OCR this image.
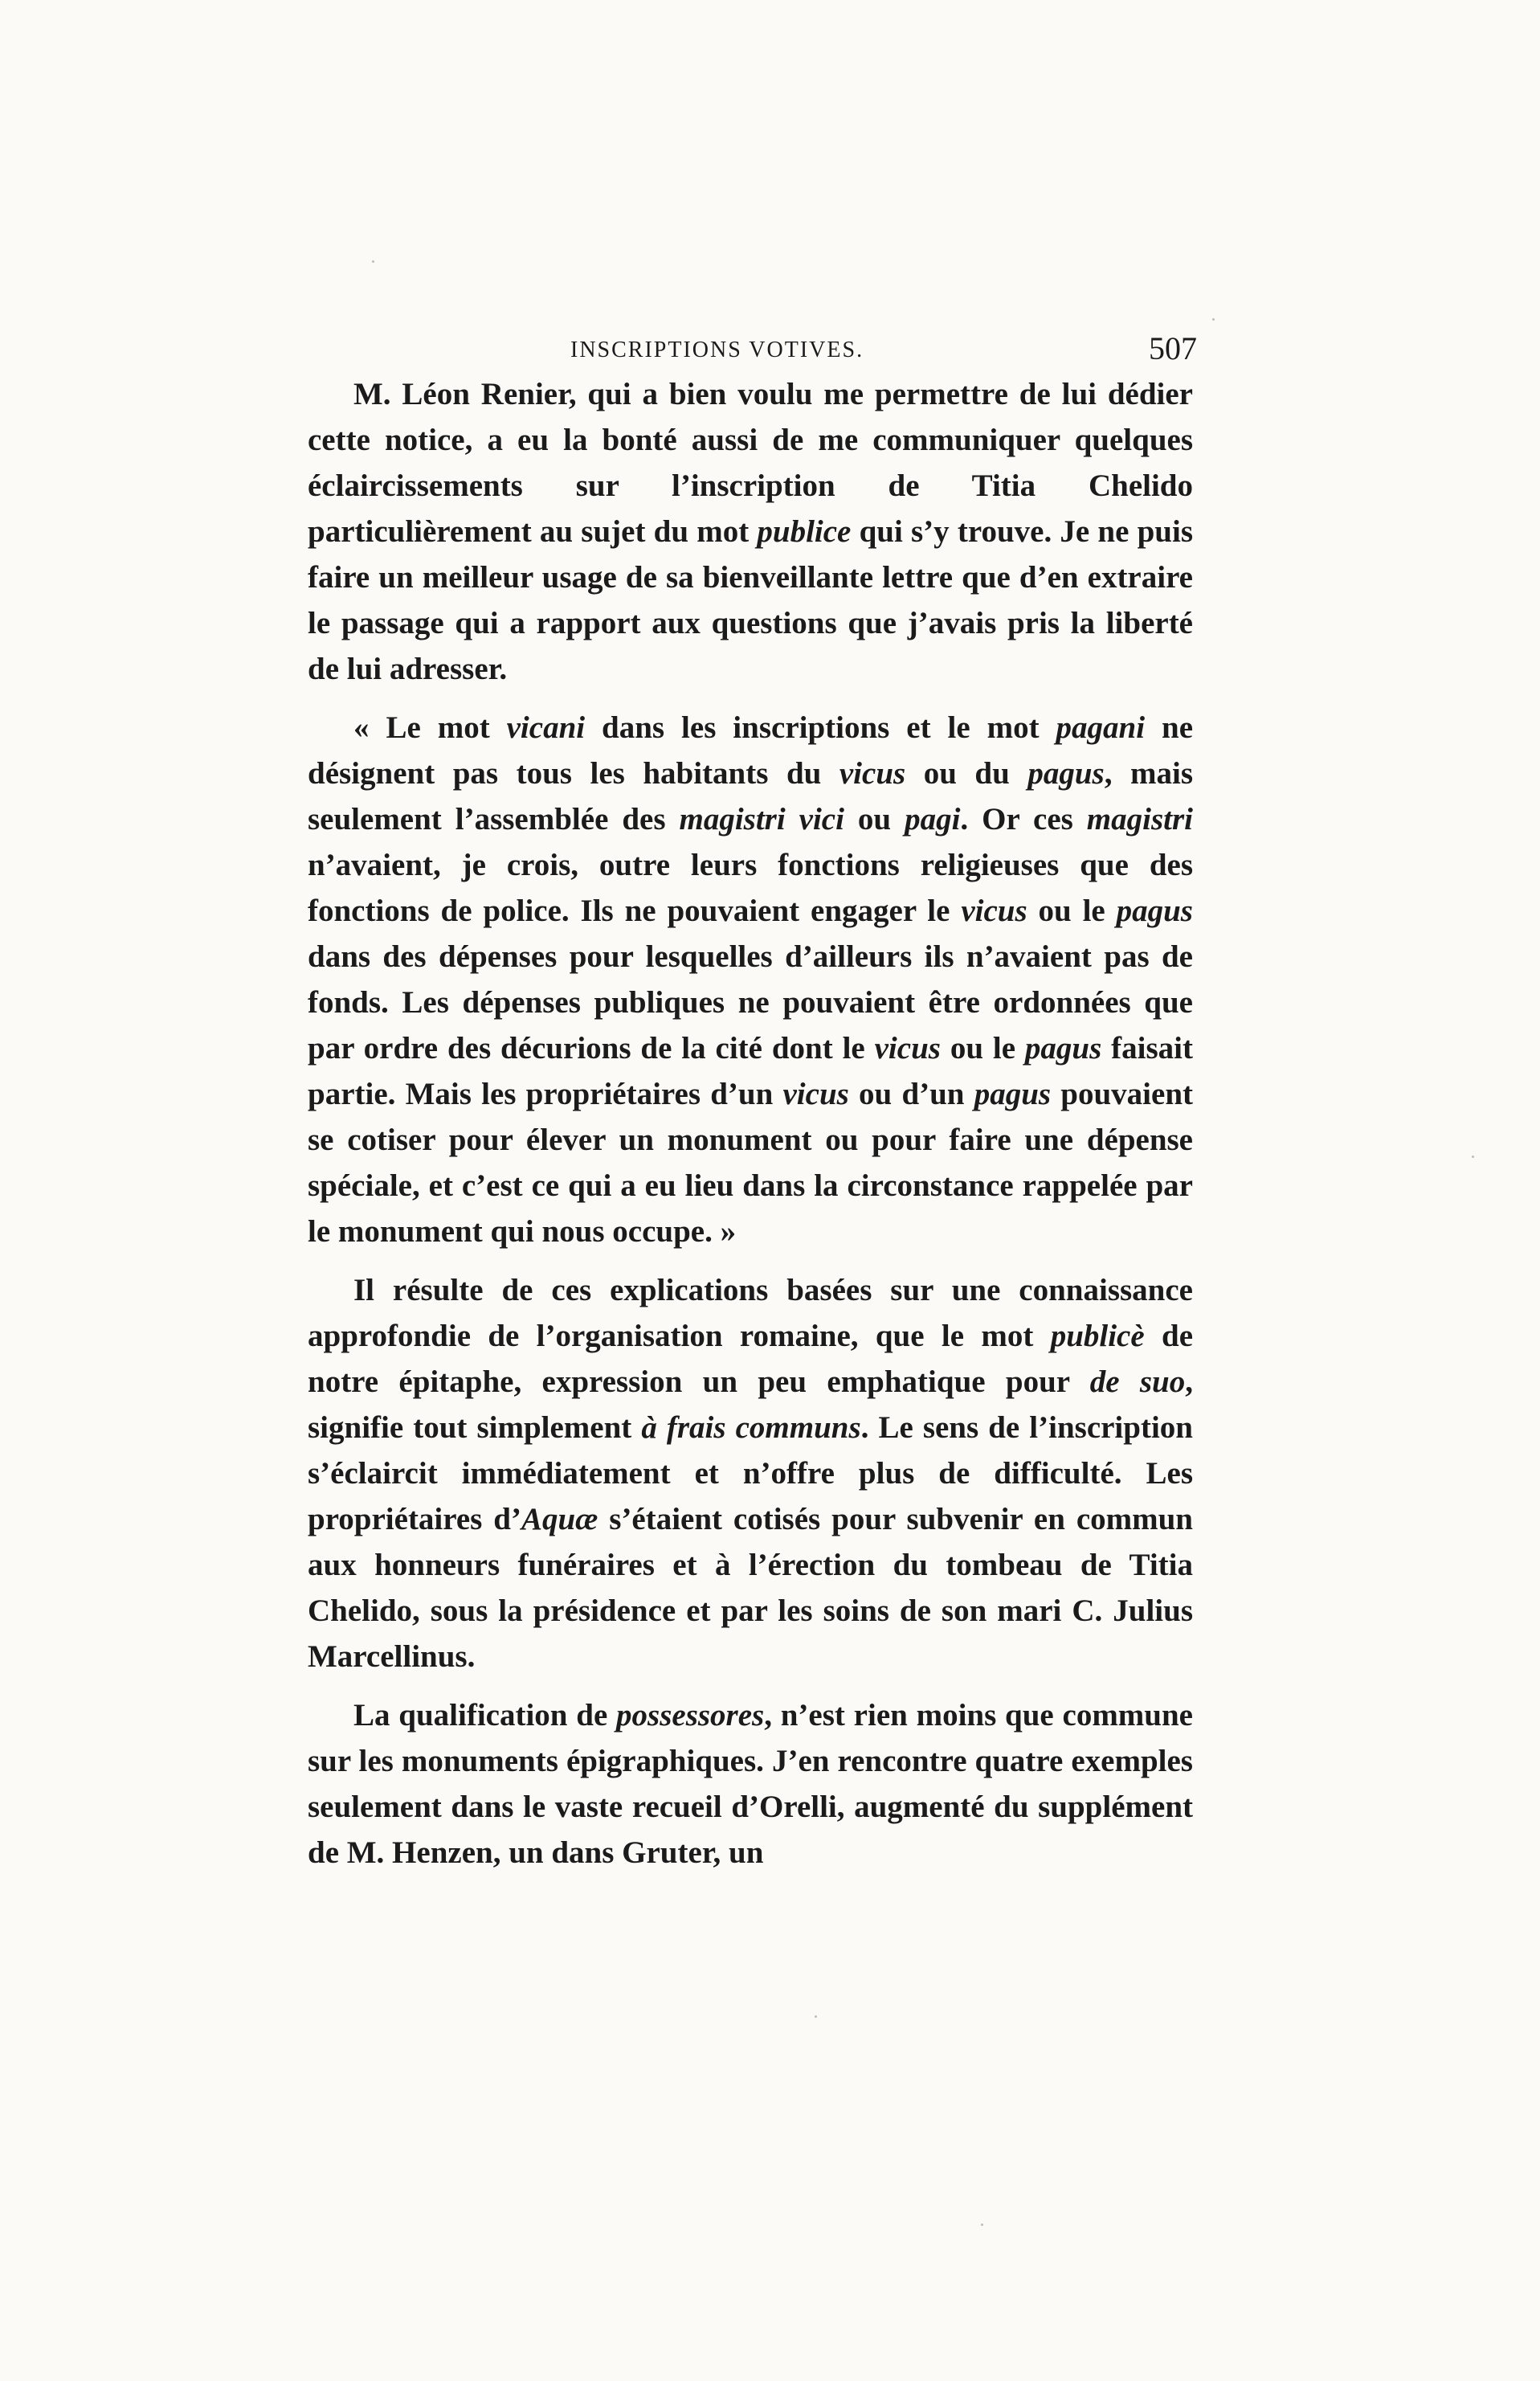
INSCRIPTIONS VOTIVES.	507

M. Léon Renier, qui a bien voulu me permettre de lui dédier cette notice, a eu la bonté aussi de me communiquer quelques éclaircissements sur l’inscription de Titia Chelido particulièrement au sujet du mot publice qui s’y trouve. Je ne puis faire un meilleur usage de sa bienveillante lettre que d’en extraire le passage qui a rapport aux questions que j’avais pris la liberté de lui adresser.

« Le mot vicani dans les inscriptions et le mot pagani ne désignent pas tous les habitants du vicus ou du pagus, mais seulement l’assemblée des magistri vici ou pagi. Or ces magistri n’avaient, je crois, outre leurs fonctions religieuses que des fonctions de police. Ils ne pouvaient engager le vicus ou le pagus dans des dépenses pour lesquelles d’ailleurs ils n’avaient pas de fonds. Les dépenses publiques ne pouvaient être ordonnées que par ordre des décurions de la cité dont le vicus ou le pagus faisait partie. Mais les propriétaires d’un vicus ou d’un pagus pouvaient se cotiser pour élever un monument ou pour faire une dépense spéciale, et c’est ce qui a eu lieu dans la circonstance rappelée par le monument qui nous occupe. »

Il résulte de ces explications basées sur une connaissance approfondie de l’organisation romaine, que le mot publicè de notre épitaphe, expression un peu emphatique pour de suo, signifie tout simplement à frais communs. Le sens de l’inscription s’éclaircit immédiatement et n’offre plus de difficulté. Les propriétaires d’Aquæ s’étaient cotisés pour subvenir en commun aux honneurs funéraires et à l’érection du tombeau de Titia Chelido, sous la présidence et par les soins de son mari C. Julius Marcellinus.

La qualification de possessores, n’est rien moins que commune sur les monuments épigraphiques. J’en rencontre quatre exemples seulement dans le vaste recueil d’Orelli, augmenté du supplément de M. Henzen, un dans Gruter, un
